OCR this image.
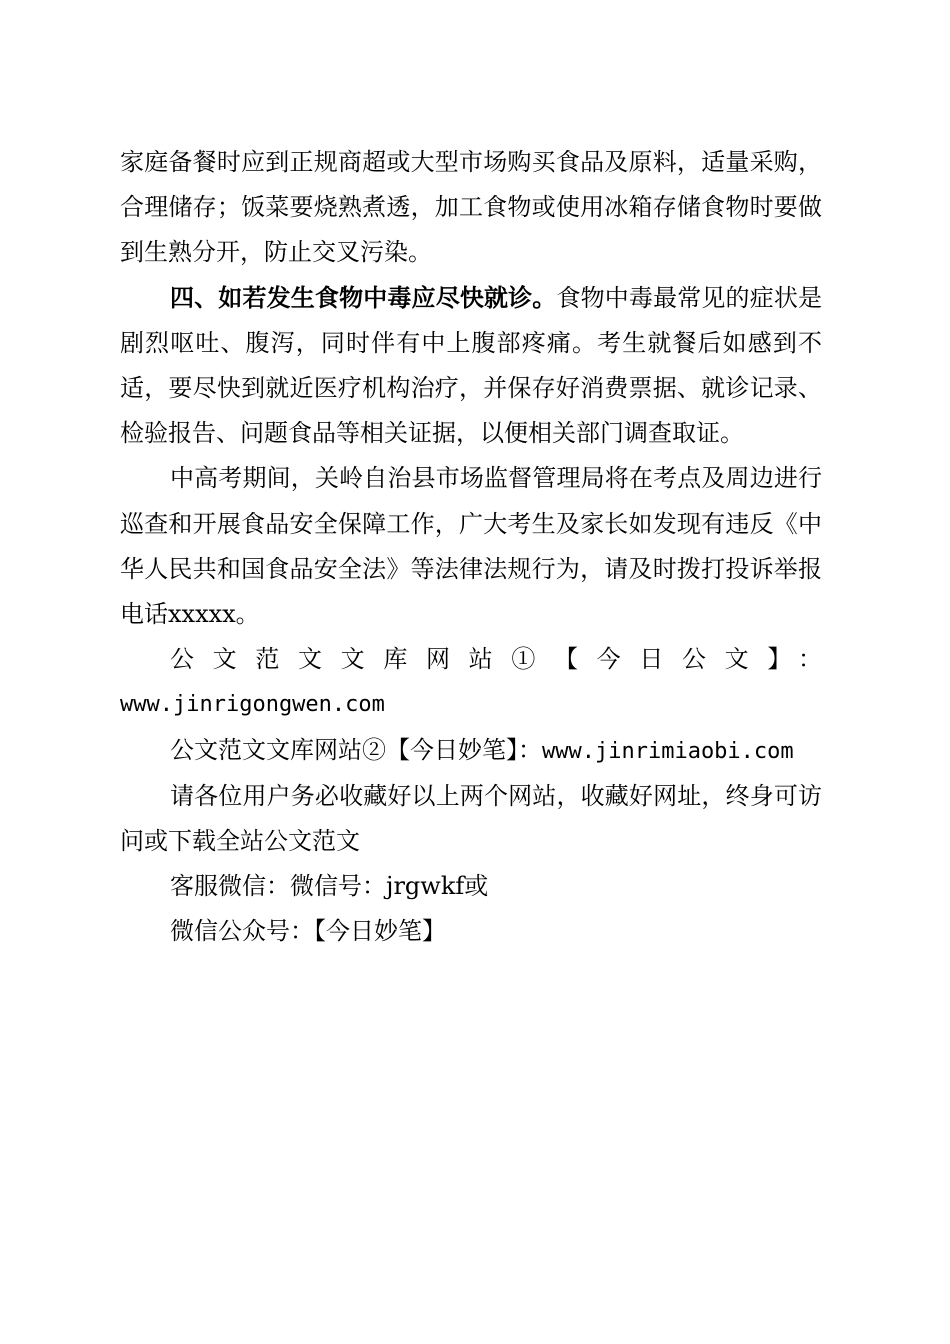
家庭备餐时应到正规商超或大型市场购买食品及原料，适量采购，合理储存；饭菜要烧熟煮透，加工食物或使用冰箱存储食物时要做到生熟分开，防止交叉污染。

四、如若发生食物中毒应尽快就诊。食物中毒最常见的症状是剧烈呕吐、腹泻，同时伴有中上腹部疼痛。考生就餐后如感到不适，要尽快到就近医疗机构治疗，并保存好消费票据、就诊记录、检验报告、问题食品等相关证据，以便相关部门调查取证。

中高考期间，关岭自治县市场监督管理局将在考点及周边进行巡查和开展食品安全保障工作，广大考生及家长如发现有违反《中华人民共和国食品安全法》等法律法规行为，请及时拨打投诉举报电话xxxxx。

公文范文文库网站①【今日公文】：

www.jinrigongwen.com

公文范文文库网站②【今日妙笔】：www.jinrimiaobi.com

请各位用户务必收藏好以上两个网站，收藏好网址，终身可访问或下载全站公文范文

客服微信：微信号：jrgwkf或

微信公众号：【今日妙笔】
